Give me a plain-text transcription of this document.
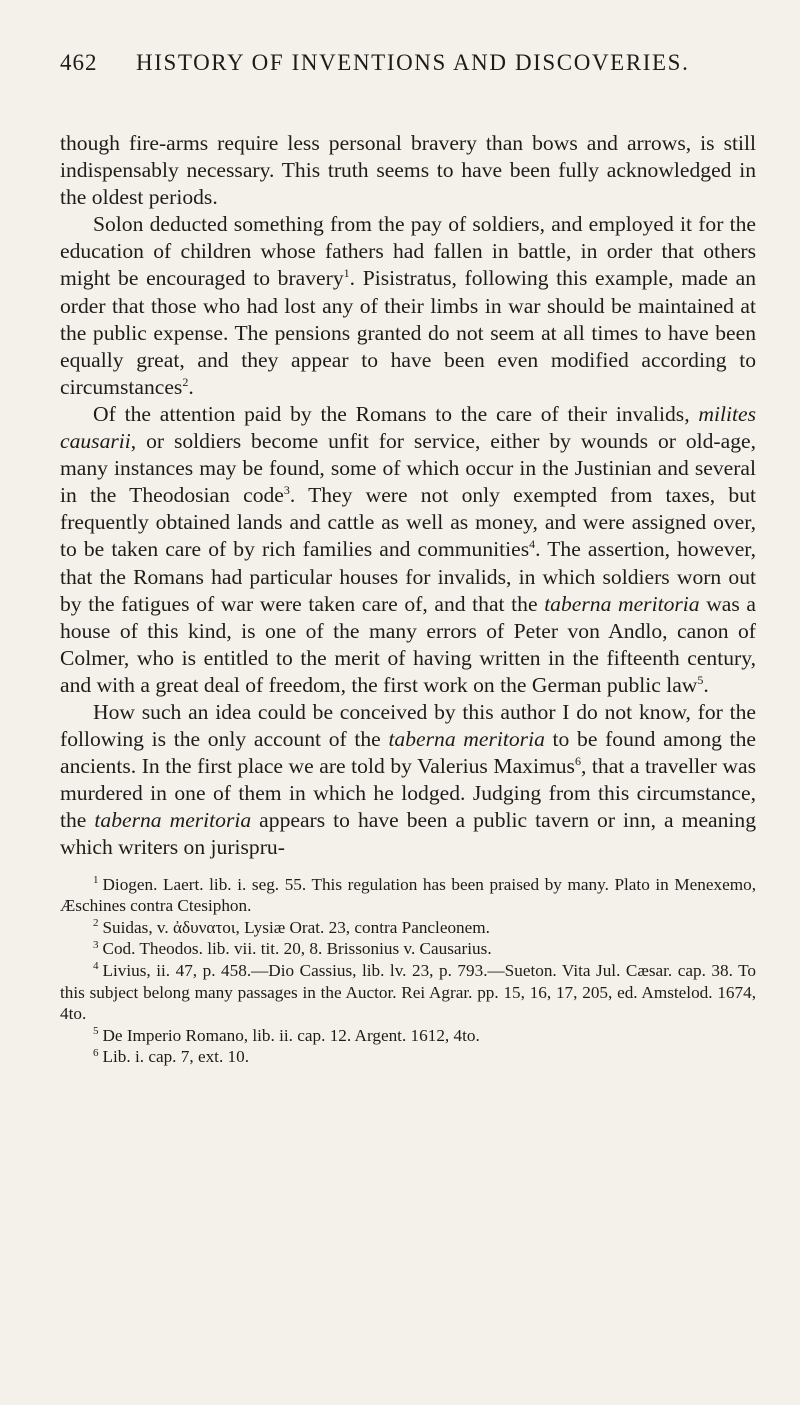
462 HISTORY OF INVENTIONS AND DISCOVERIES.

though fire-arms require less personal bravery than bows and arrows, is still indispensably necessary. This truth seems to have been fully acknowledged in the oldest periods.

Solon deducted something from the pay of soldiers, and employed it for the education of children whose fathers had fallen in battle, in order that others might be encouraged to bravery$^1$. Pisistratus, following this example, made an order that those who had lost any of their limbs in war should be maintained at the public expense. The pensions granted do not seem at all times to have been equally great, and they appear to have been even modified according to circumstances$^2$.

Of the attention paid by the Romans to the care of their invalids, milites causarii, or soldiers become unfit for service, either by wounds or old-age, many instances may be found, some of which occur in the Justinian and several in the Theodosian code$^3$. They were not only exempted from taxes, but frequently obtained lands and cattle as well as money, and were assigned over, to be taken care of by rich families and communities$^4$. The assertion, however, that the Romans had particular houses for invalids, in which soldiers worn out by the fatigues of war were taken care of, and that the taberna meritoria was a house of this kind, is one of the many errors of Peter von Andlo, canon of Colmer, who is entitled to the merit of having written in the fifteenth century, and with a great deal of freedom, the first work on the German public law$^5$.

How such an idea could be conceived by this author I do not know, for the following is the only account of the taberna meritoria to be found among the ancients. In the first place we are told by Valerius Maximus$^6$, that a traveller was murdered in one of them in which he lodged. Judging from this circumstance, the taberna meritoria appears to have been a public tavern or inn, a meaning which writers on jurispru-

$^1$ Diogen. Laert. lib. i. seg. 55. This regulation has been praised by many. Plato in Menexemo, Æschines contra Ctesiphon.

$^2$ Suidas, v. ἀδυνατοι, Lysiæ Orat. 23, contra Pancleonem.

$^3$ Cod. Theodos. lib. vii. tit. 20, 8. Brissonius v. Causarius.

$^4$ Livius, ii. 47, p. 458.—Dio Cassius, lib. lv. 23, p. 793.—Sueton. Vita Jul. Cæsar. cap. 38. To this subject belong many passages in the Auctor. Rei Agrar. pp. 15, 16, 17, 205, ed. Amstelod. 1674, 4to.

$^5$ De Imperio Romano, lib. ii. cap. 12. Argent. 1612, 4to.

$^6$ Lib. i. cap. 7, ext. 10.
